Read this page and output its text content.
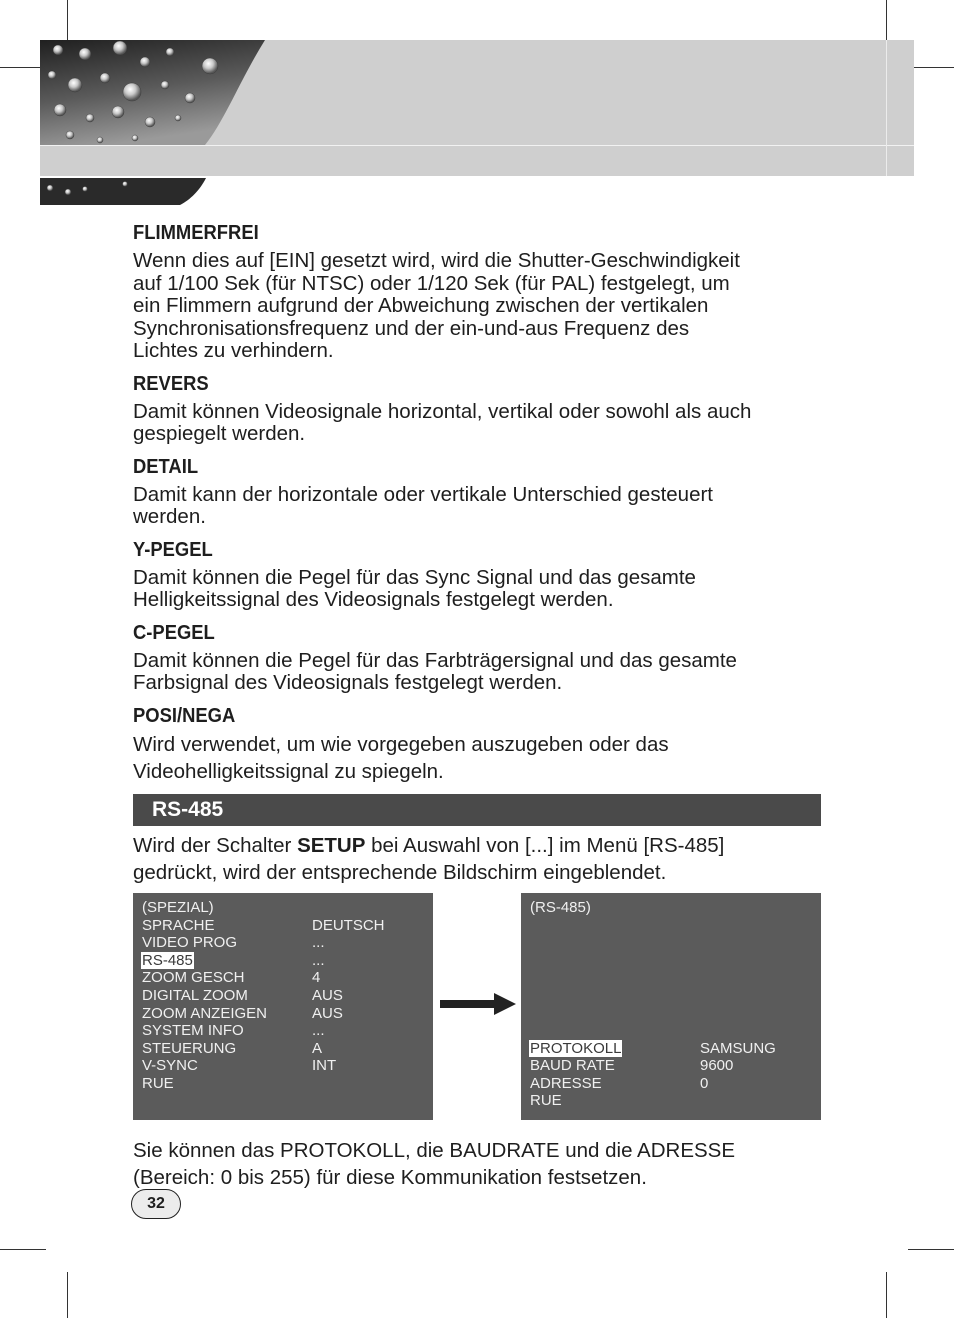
FLIMMERFREI

Wenn dies auf [EIN] gesetzt wird, wird die Shutter-Geschwindigkeit
auf 1/100 Sek (für NTSC) oder 1/120 Sek (für PAL) festgelegt, um
ein Flimmern aufgrund der Abweichung zwischen der vertikalen
Synchronisationsfrequenz und der ein-und-aus Frequenz des
Lichtes zu verhindern.

REVERS

Damit können Videosignale horizontal, vertikal oder sowohl als auch
gespiegelt werden.

DETAIL

Damit kann der horizontale oder vertikale Unterschied gesteuert
werden.

Y-PEGEL

Damit können die Pegel für das Sync Signal und das gesamte
Helligkeitssignal des Videosignals festgelegt werden.

C-PEGEL

Damit können die Pegel für das Farbträgersignal und das gesamte
Farbsignal des Videosignals festgelegt werden.

POSI/NEGA

Wird verwendet, um wie vorgegeben auszugeben oder das
Videohelligkeitssignal zu spiegeln.

RS-485

Wird der Schalter SETUP bei Auswahl von [...] im Menü [RS-485]
gedrückt, wird der entsprechende Bildschirm eingeblendet.

(SPEZIAL)
SPRACHE	DEUTSCH
VIDEO PROG	...
RS-485	...
ZOOM GESCH	4
DIGITAL ZOOM	AUS
ZOOM ANZEIGEN	AUS
SYSTEM INFO	...
STEUERUNG	A
V-SYNC	INT
RUE
(RS-485)
PROTOKOLL	SAMSUNG
BAUD RATE	9600
ADRESSE	0
RUE

Sie können das PROTOKOLL, die BAUDRATE und die ADRESSE
(Bereich: 0 bis 255) für diese Kommunikation festsetzen.

32
